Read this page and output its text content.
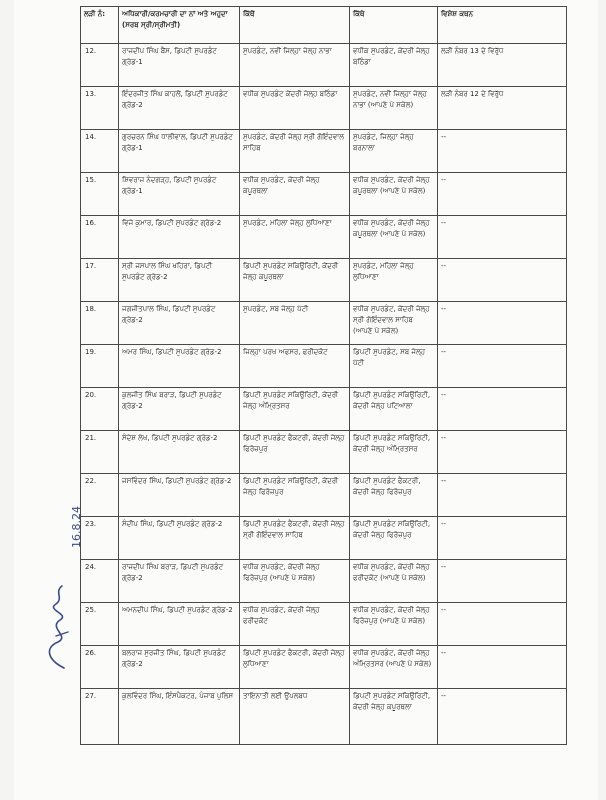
16.8.24
ਲੜੀ ਨੰ:	ਅਧਿਕਾਰੀ/ਕਰਮਚਾਰੀ ਦਾ ਨਾਂ ਅਤੇ ਅਹੁਦਾ (ਸਰਬ ਸ੍ਰੀ/ਸ੍ਰੀਮਤੀ)	ਕਿੱਥੋਂ	ਕਿੱਥੇ	ਵਿਸ਼ੇਸ਼ ਕਥਨ
12.	ਰਾਜਦੀਪ ਸਿੰਘ ਬੈਂਸ, ਡਿਪਟੀ ਸੁਪਰਡੰਟ ਗ੍ਰੇਡ-1	ਸੁਪਰਡੰਟ, ਨਵੀਂ ਜਿਲ੍ਹਾ ਜੇਲ੍ਹ ਨਾਭਾ	ਵਧੀਕ ਸੁਪਰਡੰਟ, ਕੇਂਦਰੀ ਜੇਲ੍ਹ ਬਠਿੰਡਾ	ਲੜੀ ਨੰਬਰ 13 ਦੇ ਵਿਰੁੱਧ
13.	ਇੰਦਰਜੀਤ ਸਿੰਘ ਕਾਹਲੋਂ, ਡਿਪਟੀ ਸੁਪਰਡੰਟ ਗ੍ਰੇਡ-2	ਵਧੀਕ ਸੁਪਰਡੰਟ ਕੇਂਦਰੀ ਜੇਲ੍ਹ ਬਠਿੰਡਾ	ਸੁਪਰਡੰਟ, ਨਵੀਂ ਜਿਲ੍ਹਾ ਜੇਲ੍ਹ ਨਾਭਾ (ਆਪਣੇ ਪੇ ਸਕੇਲ)	ਲੜੀ ਨੰਬਰ 12 ਦੇ ਵਿਰੁੱਧ
14.	ਗੁਰਚਰਨ ਸਿੰਘ ਧਾਲੀਵਾਲ, ਡਿਪਟੀ ਸੁਪਰਡੰਟ ਗ੍ਰੇਡ-1	ਸੁਪਰਡੰਟ, ਕੇਂਦਰੀ ਜੇਲ੍ਹ ਸ੍ਰੀ ਗੋਇੰਦਵਾਲ ਸਾਹਿਬ	ਸੁਪਰਡੰਟ, ਜਿਲ੍ਹਾ ਜੇਲ੍ਹ ਬਰਨਾਲਾ	--
15.	ਸ਼ਿਵਰਾਜ ਨੰਦਗੜ੍ਹ, ਡਿਪਟੀ ਸੁਪਰਡੰਟ ਗ੍ਰੇਡ-1	ਵਧੀਕ ਸੁਪਰਡੰਟ, ਕੇਂਦਰੀ ਜੇਲ੍ਹ ਕਪੂਰਥਲਾ	ਵਧੀਕ ਸੁਪਰਡੰਟ, ਕੇਂਦਰੀ ਜੇਲ੍ਹ ਕਪੂਰਥਲਾ (ਆਪਣੇ ਪੇ ਸਕੇਲ)	--
16.	ਵਿਜੇ ਕੁਮਾਰ, ਡਿਪਟੀ ਸੁਪਰਡੰਟ ਗ੍ਰੇਡ-2	ਸੁਪਰਡੰਟ, ਮਹਿਲਾ ਜੇਲ੍ਹ ਲੁਧਿਆਣਾ	ਵਧੀਕ ਸੁਪਰਡੰਟ, ਕੇਂਦਰੀ ਜੇਲ੍ਹ ਕਪੂਰਥਲਾ (ਆਪਣੇ ਪੇ ਸਕੇਲ)	--
17.	ਸ੍ਰੀ ਜਸਪਾਲ ਸਿੰਘ ਖਹਿਰਾ, ਡਿਪਟੀ ਸੁਪਰਡੰਟ ਗ੍ਰੇਡ-2	ਡਿਪਟੀ ਸੁਪਰਡੰਟ ਸਕਿਉਰਿਟੀ, ਕੇਂਦਰੀ ਜੇਲ੍ਹ ਕਪੂਰਥਲਾ	ਸੁਪਰਡੰਟ, ਮਹਿਲਾ ਜੇਲ੍ਹ ਲੁਧਿਆਣਾ	--
18.	ਜਗਜੀਤਪਾਲ ਸਿੰਘ, ਡਿਪਟੀ ਸੁਪਰਡੰਟ ਗ੍ਰੇਡ-2	ਸੁਪਰਡੰਟ, ਸਬ ਜੇਲ੍ਹ ਪੱਟੀ	ਵਧੀਕ ਸੁਪਰਡੰਟ, ਕੇਂਦਰੀ ਜੇਲ੍ਹ ਸ੍ਰੀ ਗੋਇੰਦਵਾਲ ਸਾਹਿਬ (ਆਪਣੇ ਪੇ ਸਕੇਲ)	--
19.	ਅਮਰ ਸਿੰਘ, ਡਿਪਟੀ ਸੁਪਰਡੰਟ ਗ੍ਰੇਡ-2	ਜਿਲ੍ਹਾ ਪਰਖ ਅਫਸਰ, ਫਰੀਦਕੋਟ	ਡਿਪਟੀ ਸੁਪਰਡੰਟ, ਸਬ ਜੇਲ੍ਹ ਪੱਟੀ	--
20.	ਕੁਲਜੀਤ ਸਿੰਘ ਬਰਾੜ, ਡਿਪਟੀ ਸੁਪਰਡੰਟ ਗ੍ਰੇਡ-2	ਡਿਪਟੀ ਸੁਪਰਡੰਟ ਸਕਿਉਰਿਟੀ, ਕੇਂਦਰੀ ਜੇਲ੍ਹ ਅੰਮ੍ਰਿਤਸਰ	ਡਿਪਟੀ ਸੁਪਰਡੰਟ ਸਕਿਉਰਿਟੀ, ਕੇਂਦਰੀ ਜੇਲ੍ਹ ਪਟਿਆਲਾ	--
21.	ਸੰਦੇਸ਼ ਲੇਖ, ਡਿਪਟੀ ਸੁਪਰਡੰਟ ਗ੍ਰੇਡ-2	ਡਿਪਟੀ ਸੁਪਰਡੰਟ ਫੈਕਟਰੀ, ਕੇਂਦਰੀ ਜੇਲ੍ਹ ਫਿਰੋਜ਼ਪੁਰ	ਡਿਪਟੀ ਸੁਪਰਡੰਟ ਸਕਿਉਰਿਟੀ, ਕੇਂਦਰੀ ਜੇਲ੍ਹ ਅੰਮ੍ਰਿਤਸਰ	--
22.	ਜਸਵਿੰਦਰ ਸਿੰਘ, ਡਿਪਟੀ ਸੁਪਰਡੰਟ ਗ੍ਰੇਡ-2	ਡਿਪਟੀ ਸੁਪਰਡੰਟ ਸਕਿਉਰਿਟੀ, ਕੇਂਦਰੀ ਜੇਲ੍ਹ ਫਿਰੋਜ਼ਪੁਰ	ਡਿਪਟੀ ਸੁਪਰਡੰਟ ਫੈਕਟਰੀ, ਕੇਂਦਰੀ ਜੇਲ੍ਹ ਫਿਰੋਜ਼ਪੁਰ	--
23.	ਸੰਦੀਪ ਸਿੰਘ, ਡਿਪਟੀ ਸੁਪਰਡੰਟ ਗ੍ਰੇਡ-2	ਡਿਪਟੀ ਸੁਪਰਡੰਟ ਫੈਕਟਰੀ, ਕੇਂਦਰੀ ਜੇਲ੍ਹ ਸ੍ਰੀ ਗੋਇੰਦਵਾਲ ਸਾਹਿਬ	ਡਿਪਟੀ ਸੁਪਰਡੰਟ ਸਕਿਉਰਿਟੀ, ਕੇਂਦਰੀ ਜੇਲ੍ਹ ਫਿਰੋਜ਼ਪੁਰ	--
24.	ਰਾਜਦੀਪ ਸਿੰਘ ਬਰਾੜ, ਡਿਪਟੀ ਸੁਪਰਡੰਟ ਗ੍ਰੇਡ-2	ਵਧੀਕ ਸੁਪਰਡੰਟ, ਕੇਂਦਰੀ ਜੇਲ੍ਹ ਫਿਰੋਜ਼ਪੁਰ (ਆਪਣੇ ਪੇ ਸਕੇਲ)	ਵਧੀਕ ਸੁਪਰਡੰਟ, ਕੇਂਦਰੀ ਜੇਲ੍ਹ ਫਰੀਦਕੋਟ (ਆਪਣੇ ਪੇ ਸਕੇਲ)	--
25.	ਅਮਨਦੀਪ ਸਿੰਘ, ਡਿਪਟੀ ਸੁਪਰਡੰਟ ਗ੍ਰੇਡ-2	ਵਧੀਕ ਸੁਪਰਡੰਟ, ਕੇਂਦਰੀ ਜੇਲ੍ਹ ਫਰੀਦਕੋਟ	ਵਧੀਕ ਸੁਪਰਡੰਟ, ਕੇਂਦਰੀ ਜੇਲ੍ਹ ਫਿਰੋਜ਼ਪੁਰ (ਆਪਣੇ ਪੇ ਸਕੇਲ)	--
26.	ਬਲਰਾਜ ਸੁਰਜੀਤ ਸਿੰਘ, ਡਿਪਟੀ ਸੁਪਰਡੰਟ ਗ੍ਰੇਡ-2	ਡਿਪਟੀ ਸੁਪਰਡੰਟ ਫੈਕਟਰੀ, ਕੇਂਦਰੀ ਜੇਲ੍ਹ ਲੁਧਿਆਣਾ	ਵਧੀਕ ਸੁਪਰਡੰਟ, ਕੇਂਦਰੀ ਜੇਲ੍ਹ ਅੰਮ੍ਰਿਤਸਰ (ਆਪਣੇ ਪੇ ਸਕੇਲ)	--
27.	ਕੁਲਵਿੰਦਰ ਸਿੰਘ, ਇੰਸਪੈਕਟਰ, ਪੰਜਾਬ ਪੁਲਿਸ	ਤਾਇਨਾਤੀ ਲਈ ਉਪਲਬਧ	ਡਿਪਟੀ ਸੁਪਰਡੰਟ ਸਕਿਉਰਿਟੀ, ਕੇਂਦਰੀ ਜੇਲ੍ਹ ਕਪੂਰਥਲਾ	--
